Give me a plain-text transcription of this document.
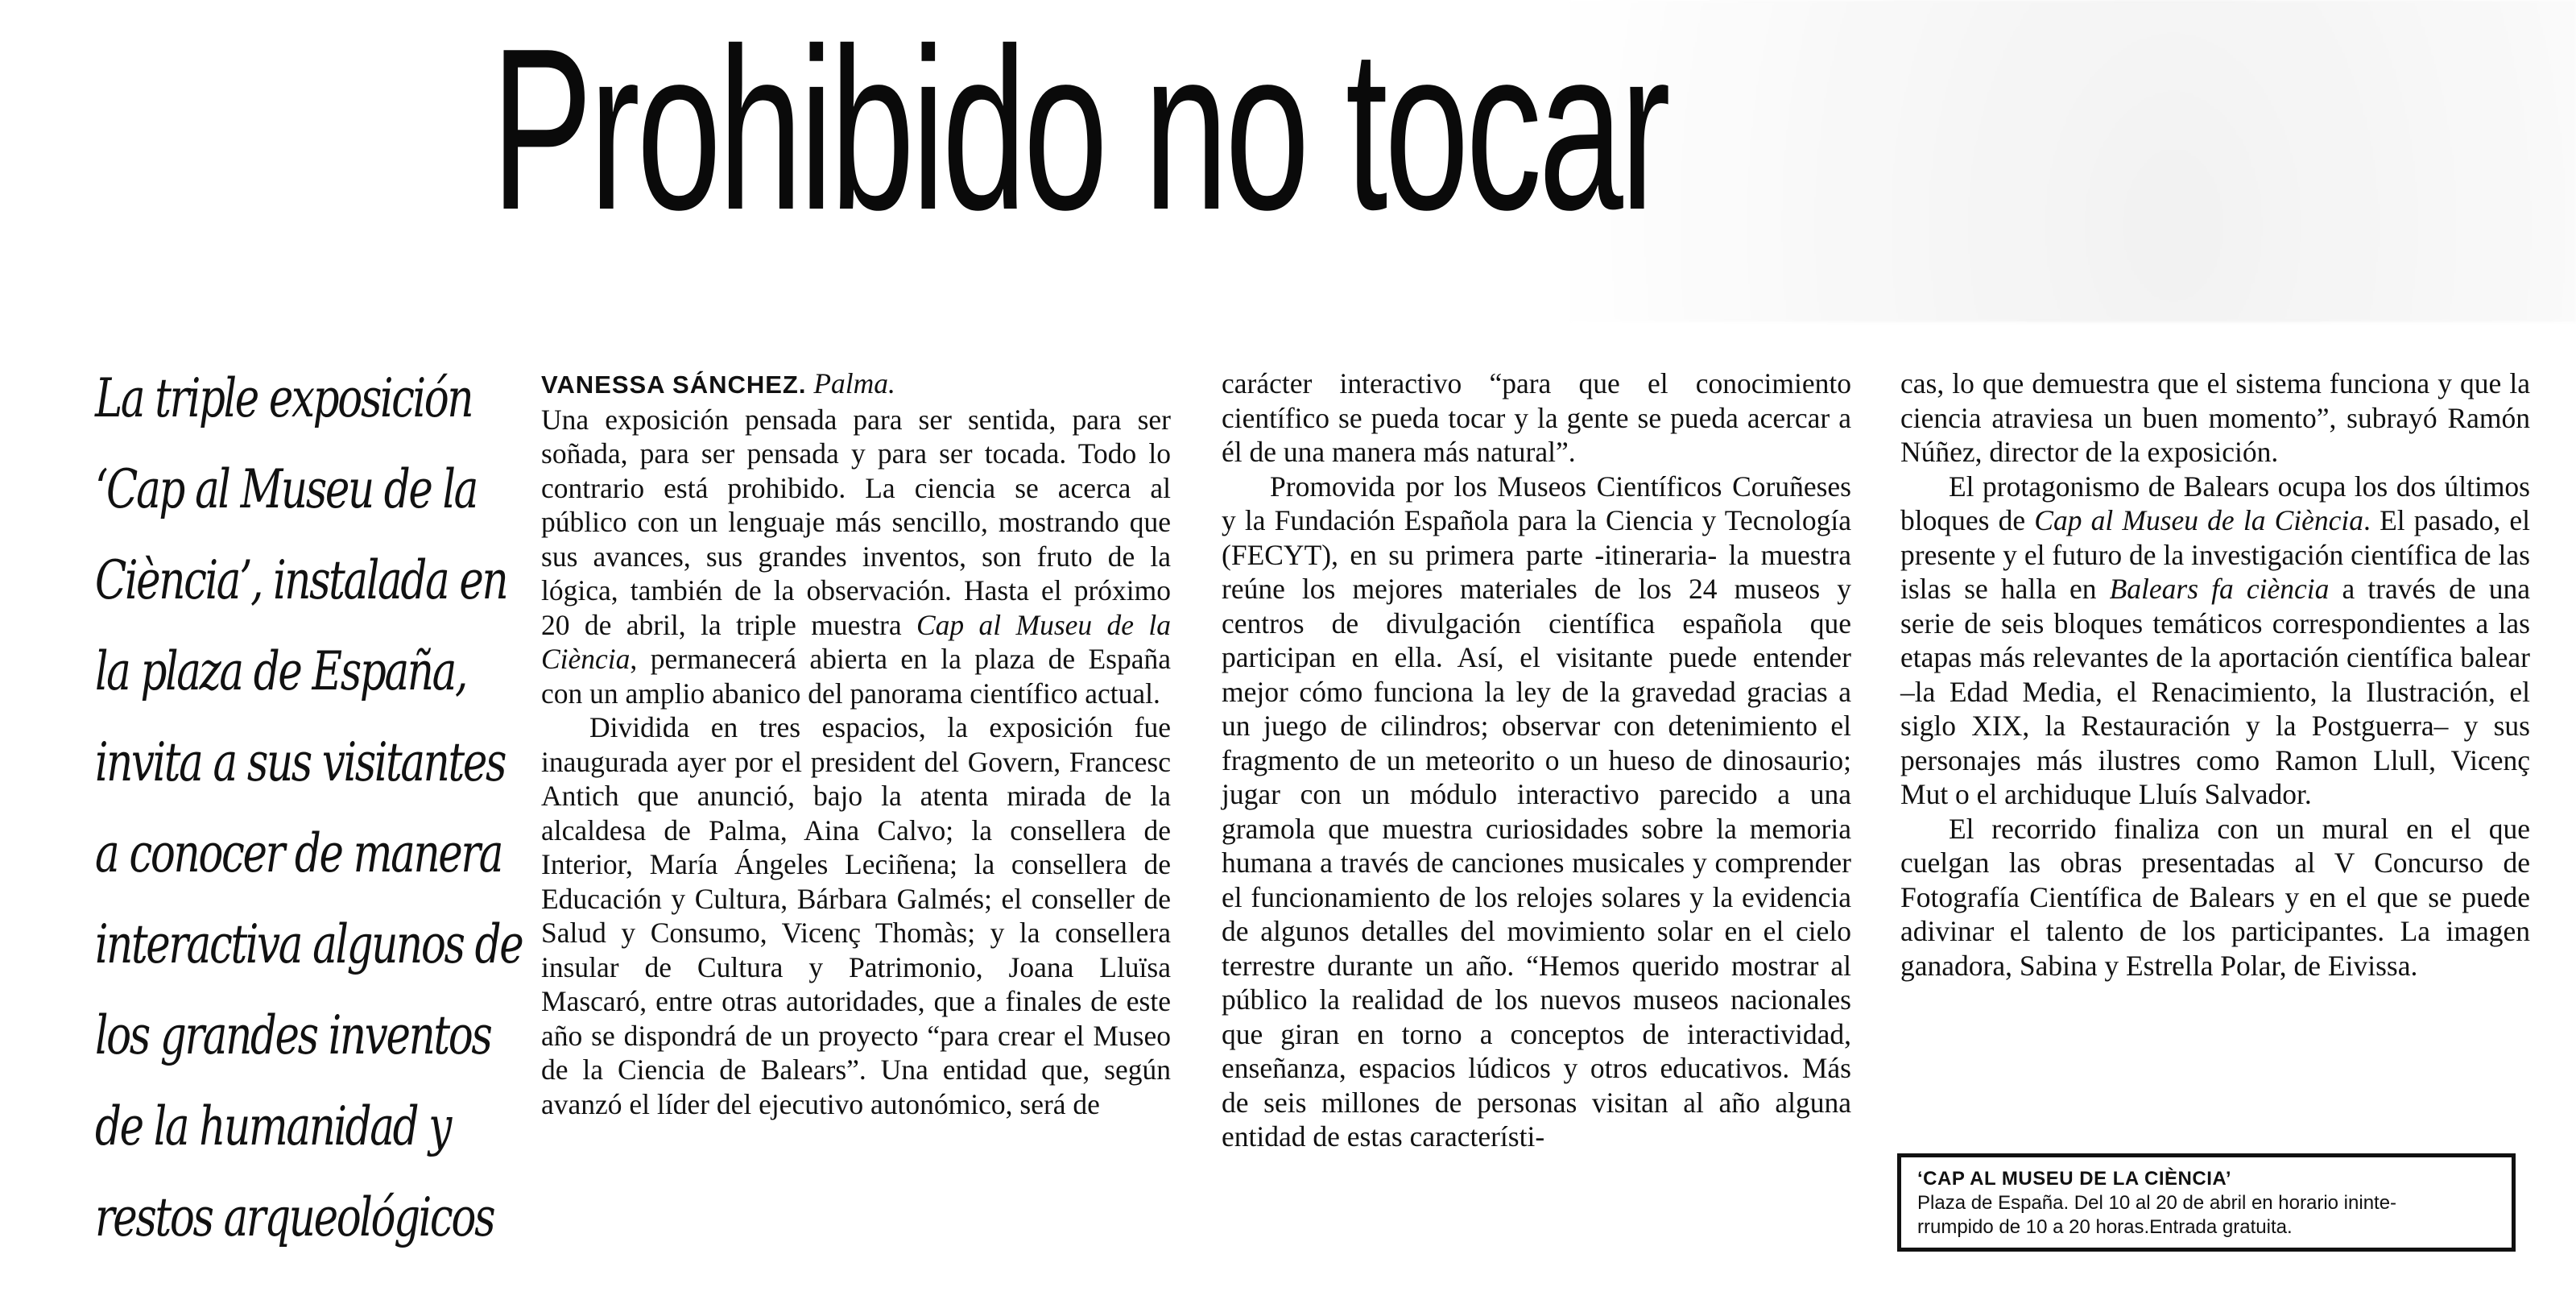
Prohibido no tocar
La triple exposición
‘Cap al Museu de la
Ciència’, instalada en
la plaza de España,
invita a sus visitantes
a conocer de manera
interactiva algunos de
los grandes inventos
de la humanidad y
restos arqueológicos

VANESSA SÁNCHEZ. Palma.

Una exposición pensada para ser sentida, para ser soñada, para ser pensada y para ser tocada. Todo lo contrario está prohibido. La ciencia se acerca al público con un lenguaje más sencillo, mostrando que sus avances, sus grandes inventos, son fruto de la lógica, también de la observación. Hasta el próximo 20 de abril, la triple muestra Cap al Museu de la Ciència, permanecerá abierta en la plaza de España con un amplio abanico del panorama científico actual.

Dividida en tres espacios, la exposición fue inaugurada ayer por el president del Govern, Francesc Antich que anunció, bajo la atenta mirada de la alcaldesa de Palma, Aina Calvo; la consellera de Interior, María Ángeles Leciñena; la consellera de Educación y Cultura, Bárbara Galmés; el conseller de Salud y Consumo, Vicenç Thomàs; y la consellera insular de Cultura y Patrimonio, Joana Lluïsa Mascaró, entre otras autoridades, que a finales de este año se dispondrá de un proyecto “para crear el Museo de la Ciencia de Balears”. Una entidad que, según avanzó el líder del ejecutivo autonómico, será de

carácter interactivo “para que el conocimiento científico se pueda tocar y la gente se pueda acercar a él de una manera más natural”.

Promovida por los Museos Científicos Coruñeses y la Fundación Española para la Ciencia y Tecnología (FECYT), en su primera parte -itineraria- la muestra reúne los mejores materiales de los 24 museos y centros de divulgación científica española que participan en ella. Así, el visitante puede entender mejor cómo funciona la ley de la gravedad gracias a un juego de cilindros; observar con detenimiento el fragmento de un meteorito o un hueso de dinosaurio; jugar con un módulo interactivo parecido a una gramola que muestra curiosidades sobre la memoria humana a través de canciones musicales y comprender el funcionamiento de los relojes solares y la evidencia de algunos detalles del movimiento solar en el cielo terrestre durante un año. “Hemos querido mostrar al público la realidad de los nuevos museos nacionales que giran en torno a conceptos de interactividad, enseñanza, espacios lúdicos y otros educativos. Más de seis millones de personas visitan al año alguna entidad de estas característi-

cas, lo que demuestra que el sistema funciona y que la ciencia atraviesa un buen momento”, subrayó Ramón Núñez, director de la exposición.

El protagonismo de Balears ocupa los dos últimos bloques de Cap al Museu de la Ciència. El pasado, el presente y el futuro de la investigación científica de las islas se halla en Balears fa ciència a través de una serie de seis bloques temáticos correspondientes a las etapas más relevantes de la aportación científica balear –la Edad Media, el Renacimiento, la Ilustración, el siglo XIX, la Restauración y la Postguerra– y sus personajes más ilustres como Ramon Llull, Vicenç Mut o el archiduque Lluís Salvador.

El recorrido finaliza con un mural en el que cuelgan las obras presentadas al V Concurso de Fotografía Científica de Balears y en el que se puede adivinar el talento de los participantes. La imagen ganadora, Sabina y Estrella Polar, de Eivissa.

‘CAP AL MUSEU DE LA CIÈNCIA’
Plaza de España. Del 10 al 20 de abril en horario ininte-
rrumpido de 10 a 20 horas.Entrada gratuita.
